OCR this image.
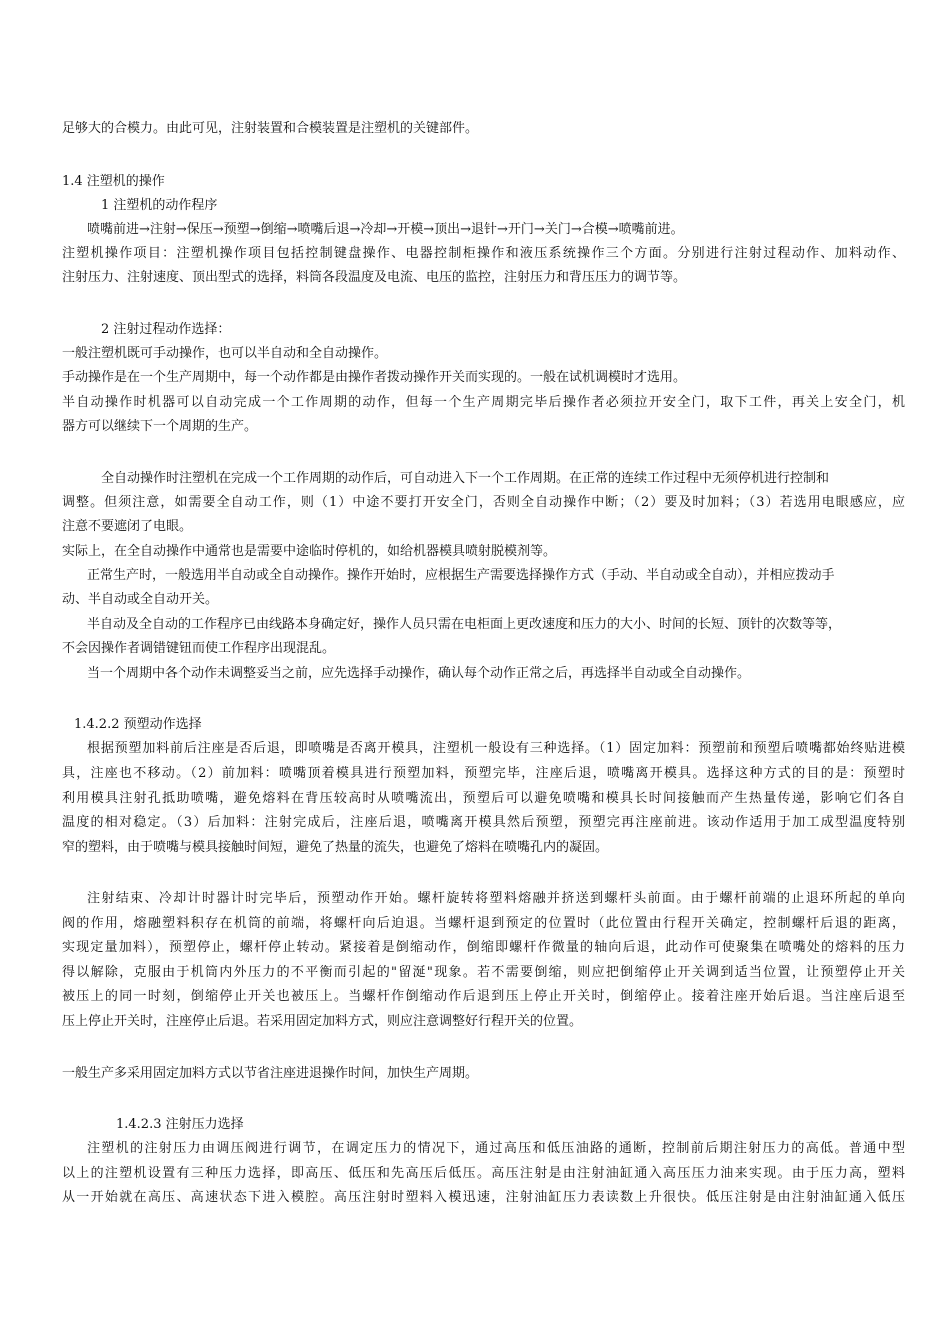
足够大的合模力。由此可见，注射装置和合模装置是注塑机的关键部件。
1.4 注塑机的操作
1 注塑机的动作程序
喷嘴前进→注射→保压→预塑→倒缩→喷嘴后退→冷却→开模→顶出→退针→开门→关门→合模→喷嘴前进。
注塑机操作项目：注塑机操作项目包括控制键盘操作、电器控制柜操作和液压系统操作三个方面。分别进行注射过程动作、加料动作、
注射压力、注射速度、顶出型式的选择，料筒各段温度及电流、电压的监控，注射压力和背压压力的调节等。
2 注射过程动作选择：
一般注塑机既可手动操作，也可以半自动和全自动操作。
手动操作是在一个生产周期中，每一个动作都是由操作者拨动操作开关而实现的。一般在试机调模时才选用。
半自动操作时机器可以自动完成一个工作周期的动作，但每一个生产周期完毕后操作者必须拉开安全门，取下工件，再关上安全门，机
器方可以继续下一个周期的生产。
全自动操作时注塑机在完成一个工作周期的动作后，可自动进入下一个工作周期。在正常的连续工作过程中无须停机进行控制和
调整。但须注意，如需要全自动工作，则（1）中途不要打开安全门，否则全自动操作中断；（2）要及时加料；（3）若选用电眼感应，应
注意不要遮闭了电眼。
实际上，在全自动操作中通常也是需要中途临时停机的，如给机器模具喷射脱模剂等。
正常生产时，一般选用半自动或全自动操作。操作开始时，应根据生产需要选择操作方式（手动、半自动或全自动），并相应拨动手
动、半自动或全自动开关。
半自动及全自动的工作程序已由线路本身确定好，操作人员只需在电柜面上更改速度和压力的大小、时间的长短、顶针的次数等等，
不会因操作者调错键钮而使工作程序出现混乱。
当一个周期中各个动作未调整妥当之前，应先选择手动操作，确认每个动作正常之后，再选择半自动或全自动操作。
1.4.2.2 预塑动作选择
根据预塑加料前后注座是否后退，即喷嘴是否离开模具，注塑机一般设有三种选择。（1）固定加料：预塑前和预塑后喷嘴都始终贴进模
具，注座也不移动。（2）前加料：喷嘴顶着模具进行预塑加料，预塑完毕，注座后退，喷嘴离开模具。选择这种方式的目的是：预塑时
利用模具注射孔抵助喷嘴，避免熔料在背压较高时从喷嘴流出，预塑后可以避免喷嘴和模具长时间接触而产生热量传递，影响它们各自
温度的相对稳定。（3）后加料：注射完成后，注座后退，喷嘴离开模具然后预塑，预塑完再注座前进。该动作适用于加工成型温度特别
窄的塑料，由于喷嘴与模具接触时间短，避免了热量的流失，也避免了熔料在喷嘴孔内的凝固。
注射结束、冷却计时器计时完毕后，预塑动作开始。螺杆旋转将塑料熔融并挤送到螺杆头前面。由于螺杆前端的止退环所起的单向
阀的作用，熔融塑料积存在机筒的前端，将螺杆向后迫退。当螺杆退到预定的位置时（此位置由行程开关确定，控制螺杆后退的距离，
实现定量加料），预塑停止，螺杆停止转动。紧接着是倒缩动作，倒缩即螺杆作微量的轴向后退，此动作可使聚集在喷嘴处的熔料的压力
得以解除，克服由于机筒内外压力的不平衡而引起的"留涎"现象。若不需要倒缩，则应把倒缩停止开关调到适当位置，让预塑停止开关
被压上的同一时刻，倒缩停止开关也被压上。当螺杆作倒缩动作后退到压上停止开关时，倒缩停止。接着注座开始后退。当注座后退至
压上停止开关时，注座停止后退。若采用固定加料方式，则应注意调整好行程开关的位置。
一般生产多采用固定加料方式以节省注座进退操作时间，加快生产周期。
1.4.2.3 注射压力选择
注塑机的注射压力由调压阀进行调节，在调定压力的情况下，通过高压和低压油路的通断，控制前后期注射压力的高低。普通中型
以上的注塑机设置有三种压力选择，即高压、低压和先高压后低压。高压注射是由注射油缸通入高压压力油来实现。由于压力高，塑料
从一开始就在高压、高速状态下进入模腔。高压注射时塑料入模迅速，注射油缸压力表读数上升很快。低压注射是由注射油缸通入低压
